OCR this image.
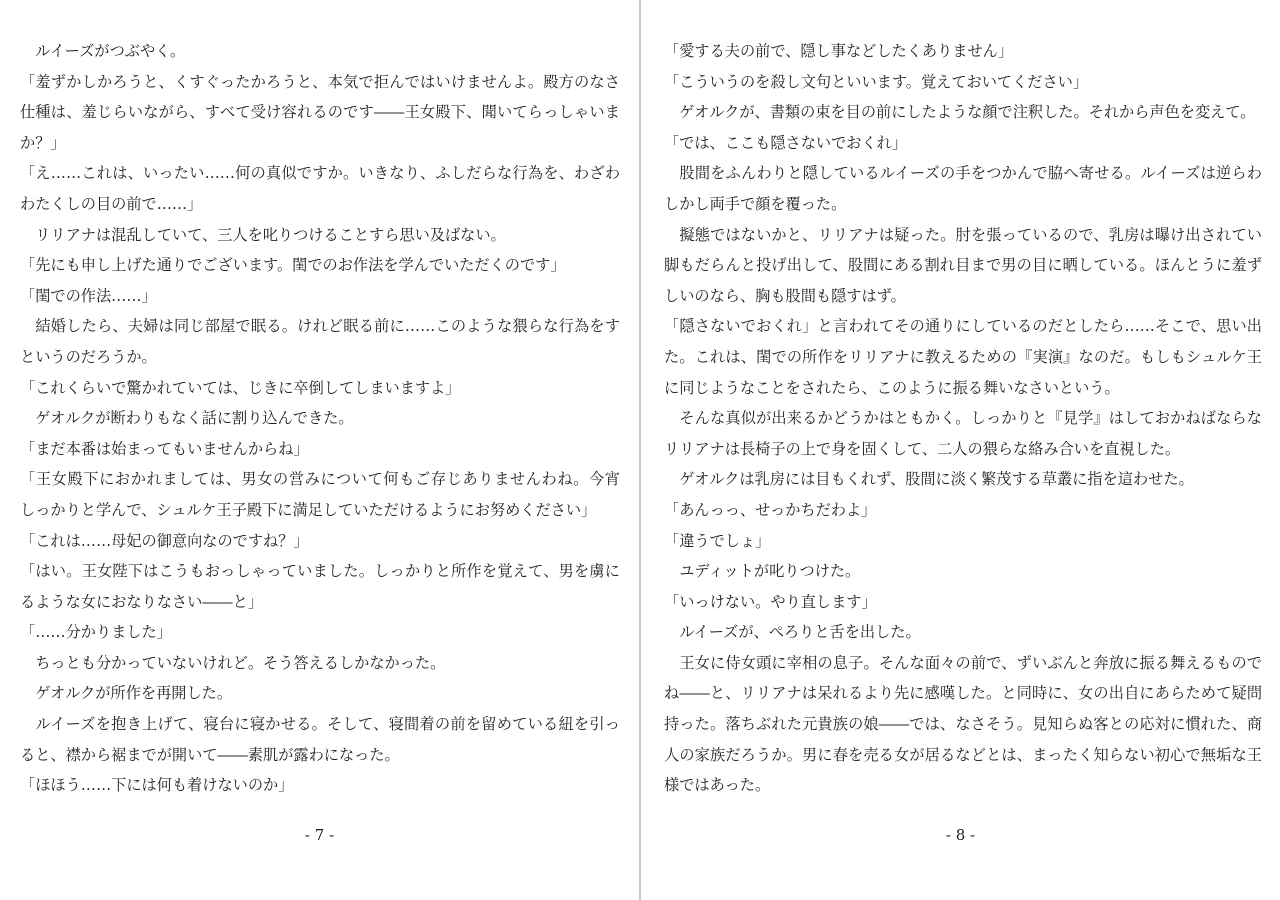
　ルイーズがつぶやく。
「羞ずかしかろうと、くすぐったかろうと、本気で拒んではいけませんよ。殿方のなさ
仕種は、羞じらいながら、すべて受け容れるのです――王女殿下、聞いてらっしゃいま
か？」
「え……これは、いったい……何の真似ですか。いきなり、ふしだらな行為を、わざわ
わたくしの目の前で……」
　リリアナは混乱していて、三人を叱りつけることすら思い及ばない。
「先にも申し上げた通りでございます。閨でのお作法を学んでいただくのです」
「閨での作法……」
　結婚したら、夫婦は同じ部屋で眠る。けれど眠る前に……このような猥らな行為をす
というのだろうか。
「これくらいで驚かれていては、じきに卒倒してしまいますよ」
　ゲオルクが断わりもなく話に割り込んできた。
「まだ本番は始まってもいませんからね」
「王女殿下におかれましては、男女の営みについて何もご存じありませんわね。今宵
しっかりと学んで、シュルケ王子殿下に満足していただけるようにお努めください」
「これは……母妃の御意向なのですね？」
「はい。王女陛下はこうもおっしゃっていました。しっかりと所作を覚えて、男を虜に
るような女におなりなさい――と」
「……分かりました」
　ちっとも分かっていないけれど。そう答えるしかなかった。
　ゲオルクが所作を再開した。
　ルイーズを抱き上げて、寝台に寝かせる。そして、寝間着の前を留めている紐を引っ
ると、襟から裾までが開いて――素肌が露わになった。
「ほほう……下には何も着けないのか」
- 7 -
「愛する夫の前で、隠し事などしたくありません」
「こういうのを殺し文句といいます。覚えておいてください」
　ゲオルクが、書類の束を目の前にしたような顔で注釈した。それから声色を変えて。
「では、ここも隠さないでおくれ」
　股間をふんわりと隠しているルイーズの手をつかんで脇へ寄せる。ルイーズは逆らわ
しかし両手で顔を覆った。
　擬態ではないかと、リリアナは疑った。肘を張っているので、乳房は曝け出されてい
脚もだらんと投げ出して、股間にある割れ目まで男の目に晒している。ほんとうに羞ず
しいのなら、胸も股間も隠すはず。
「隠さないでおくれ」と言われてその通りにしているのだとしたら……そこで、思い出
た。これは、閨での所作をリリアナに教えるための『実演』なのだ。もしもシュルケ王
に同じようなことをされたら、このように振る舞いなさいという。
　そんな真似が出来るかどうかはともかく。しっかりと『見学』はしておかねばならな
リリアナは長椅子の上で身を固くして、二人の猥らな絡み合いを直視した。
　ゲオルクは乳房には目もくれず、股間に淡く繁茂する草叢に指を這わせた。
「あんっっ、せっかちだわよ」
「違うでしょ」
　ユディットが叱りつけた。
「いっけない。やり直します」
　ルイーズが、ぺろりと舌を出した。
　王女に侍女頭に宰相の息子。そんな面々の前で、ずいぶんと奔放に振る舞えるもので
ね――と、リリアナは呆れるより先に感嘆した。と同時に、女の出自にあらためて疑問
持った。落ちぶれた元貴族の娘――では、なさそう。見知らぬ客との応対に慣れた、商
人の家族だろうか。男に春を売る女が居るなどとは、まったく知らない初心で無垢な王
様ではあった。
- 8 -
